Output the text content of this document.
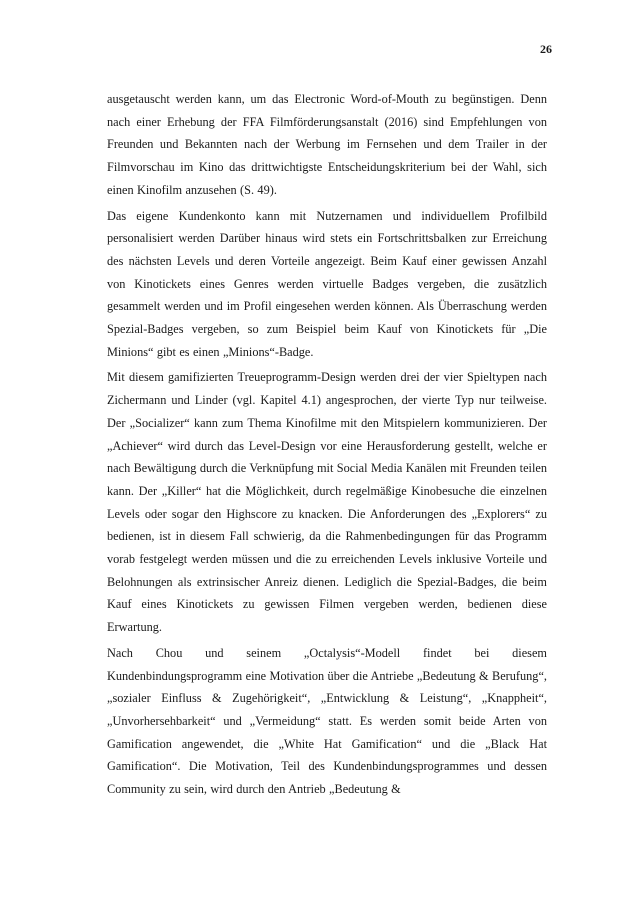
26

ausgetauscht werden kann, um das Electronic Word-of-Mouth zu begünstigen. Denn nach einer Erhebung der FFA Filmförderungsanstalt (2016) sind Empfehlungen von Freunden und Bekannten nach der Werbung im Fernsehen und dem Trailer in der Filmvorschau im Kino das drittwichtigste Entscheidungskriterium bei der Wahl, sich einen Kinofilm anzusehen (S. 49).

Das eigene Kundenkonto kann mit Nutzernamen und individuellem Profilbild personalisiert werden Darüber hinaus wird stets ein Fortschrittsbalken zur Erreichung des nächsten Levels und deren Vorteile angezeigt. Beim Kauf einer gewissen Anzahl von Kinotickets eines Genres werden virtuelle Badges vergeben, die zusätzlich gesammelt werden und im Profil eingesehen werden können. Als Überraschung werden Spezial-Badges vergeben, so zum Beispiel beim Kauf von Kinotickets für „Die Minions“ gibt es einen „Minions“-Badge.

Mit diesem gamifizierten Treueprogramm-Design werden drei der vier Spieltypen nach Zichermann und Linder (vgl. Kapitel 4.1) angesprochen, der vierte Typ nur teilweise. Der „Socializer“ kann zum Thema Kinofilme mit den Mitspielern kommunizieren. Der „Achiever“ wird durch das Level-Design vor eine Herausforderung gestellt, welche er nach Bewältigung durch die Verknüpfung mit Social Media Kanälen mit Freunden teilen kann. Der „Killer“ hat die Möglichkeit, durch regelmäßige Kinobesuche die einzelnen Levels oder sogar den Highscore zu knacken. Die Anforderungen des „Explorers“ zu bedienen, ist in diesem Fall schwierig, da die Rahmenbedingungen für das Programm vorab festgelegt werden müssen und die zu erreichenden Levels inklusive Vorteile und Belohnungen als extrinsischer Anreiz dienen. Lediglich die Spezial-Badges, die beim Kauf eines Kinotickets zu gewissen Filmen vergeben werden, bedienen diese Erwartung.

Nach Chou und seinem „Octalysis“-Modell findet bei diesem Kundenbindungsprogramm eine Motivation über die Antriebe „Bedeutung & Berufung“, „sozialer Einfluss & Zugehörigkeit“, „Entwicklung & Leistung“, „Knappheit“, „Unvorhersehbarkeit“ und „Vermeidung“ statt. Es werden somit beide Arten von Gamification angewendet, die „White Hat Gamification“ und die „Black Hat Gamification“. Die Motivation, Teil des Kundenbindungsprogrammes und dessen Community zu sein, wird durch den Antrieb „Bedeutung &
